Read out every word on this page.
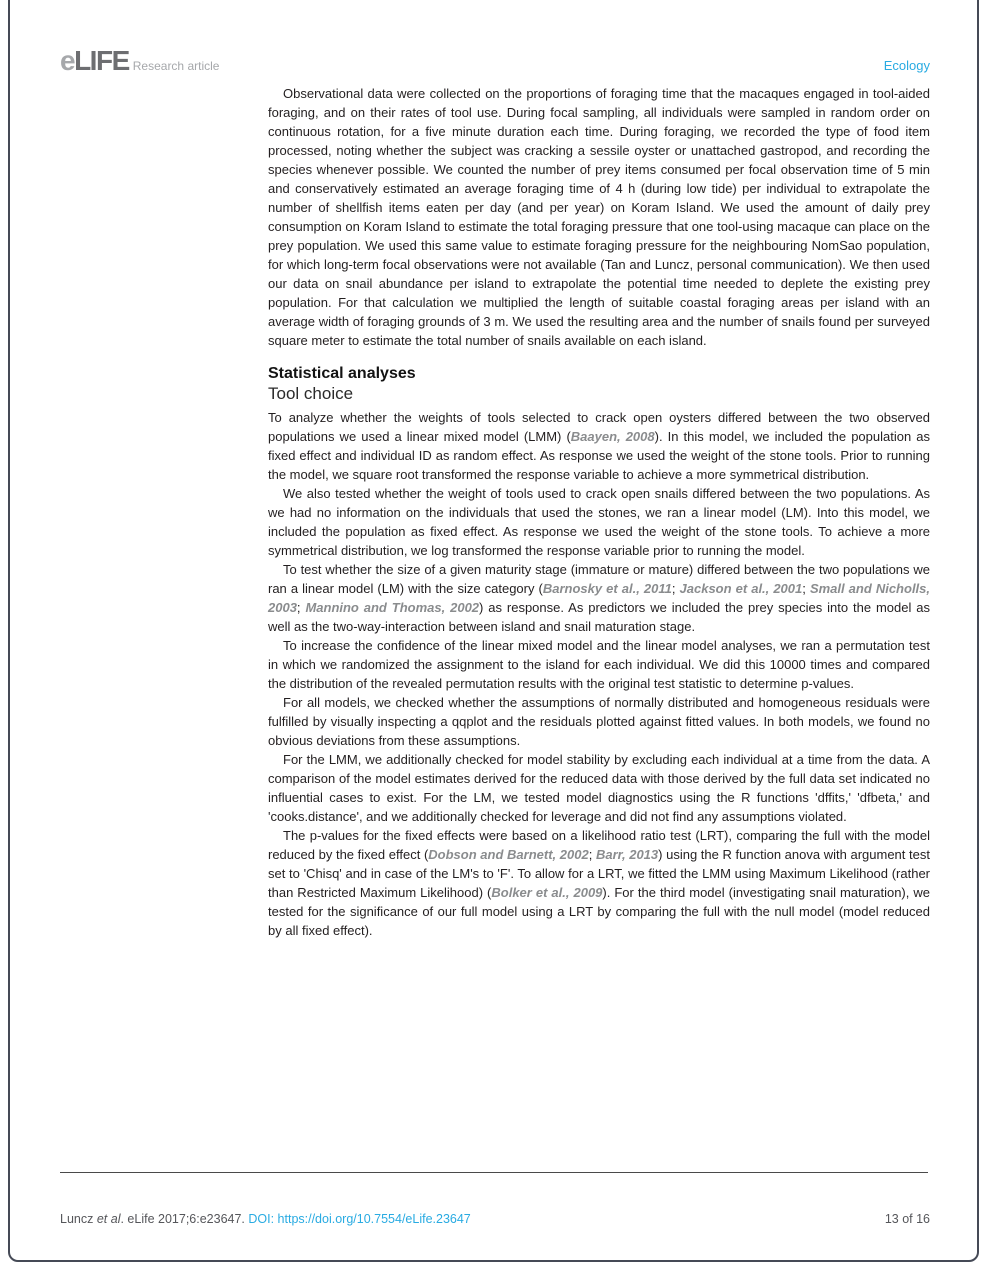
eLIFE Research article	Ecology

Observational data were collected on the proportions of foraging time that the macaques engaged in tool-aided foraging, and on their rates of tool use. During focal sampling, all individuals were sampled in random order on continuous rotation, for a five minute duration each time. During foraging, we recorded the type of food item processed, noting whether the subject was cracking a sessile oyster or unattached gastropod, and recording the species whenever possible. We counted the number of prey items consumed per focal observation time of 5 min and conservatively estimated an average foraging time of 4 h (during low tide) per individual to extrapolate the number of shellfish items eaten per day (and per year) on Koram Island. We used the amount of daily prey consumption on Koram Island to estimate the total foraging pressure that one tool-using macaque can place on the prey population. We used this same value to estimate foraging pressure for the neighbouring NomSao population, for which long-term focal observations were not available (Tan and Luncz, personal communication). We then used our data on snail abundance per island to extrapolate the potential time needed to deplete the existing prey population. For that calculation we multiplied the length of suitable coastal foraging areas per island with an average width of foraging grounds of 3 m. We used the resulting area and the number of snails found per surveyed square meter to estimate the total number of snails available on each island.

Statistical analyses
Tool choice

To analyze whether the weights of tools selected to crack open oysters differed between the two observed populations we used a linear mixed model (LMM) (Baayen, 2008). In this model, we included the population as fixed effect and individual ID as random effect. As response we used the weight of the stone tools. Prior to running the model, we square root transformed the response variable to achieve a more symmetrical distribution.

We also tested whether the weight of tools used to crack open snails differed between the two populations. As we had no information on the individuals that used the stones, we ran a linear model (LM). Into this model, we included the population as fixed effect. As response we used the weight of the stone tools. To achieve a more symmetrical distribution, we log transformed the response variable prior to running the model.

To test whether the size of a given maturity stage (immature or mature) differed between the two populations we ran a linear model (LM) with the size category (Barnosky et al., 2011; Jackson et al., 2001; Small and Nicholls, 2003; Mannino and Thomas, 2002) as response. As predictors we included the prey species into the model as well as the two-way-interaction between island and snail maturation stage.

To increase the confidence of the linear mixed model and the linear model analyses, we ran a permutation test in which we randomized the assignment to the island for each individual. We did this 10000 times and compared the distribution of the revealed permutation results with the original test statistic to determine p-values.

For all models, we checked whether the assumptions of normally distributed and homogeneous residuals were fulfilled by visually inspecting a qqplot and the residuals plotted against fitted values. In both models, we found no obvious deviations from these assumptions.

For the LMM, we additionally checked for model stability by excluding each individual at a time from the data. A comparison of the model estimates derived for the reduced data with those derived by the full data set indicated no influential cases to exist. For the LM, we tested model diagnostics using the R functions 'dffits,' 'dfbeta,' and 'cooks.distance', and we additionally checked for leverage and did not find any assumptions violated.

The p-values for the fixed effects were based on a likelihood ratio test (LRT), comparing the full with the model reduced by the fixed effect (Dobson and Barnett, 2002; Barr, 2013) using the R function anova with argument test set to 'Chisq' and in case of the LM's to 'F'. To allow for a LRT, we fitted the LMM using Maximum Likelihood (rather than Restricted Maximum Likelihood) (Bolker et al., 2009). For the third model (investigating snail maturation), we tested for the significance of our full model using a LRT by comparing the full with the null model (model reduced by all fixed effect).

Luncz et al. eLife 2017;6:e23647. DOI: https://doi.org/10.7554/eLife.23647	13 of 16
